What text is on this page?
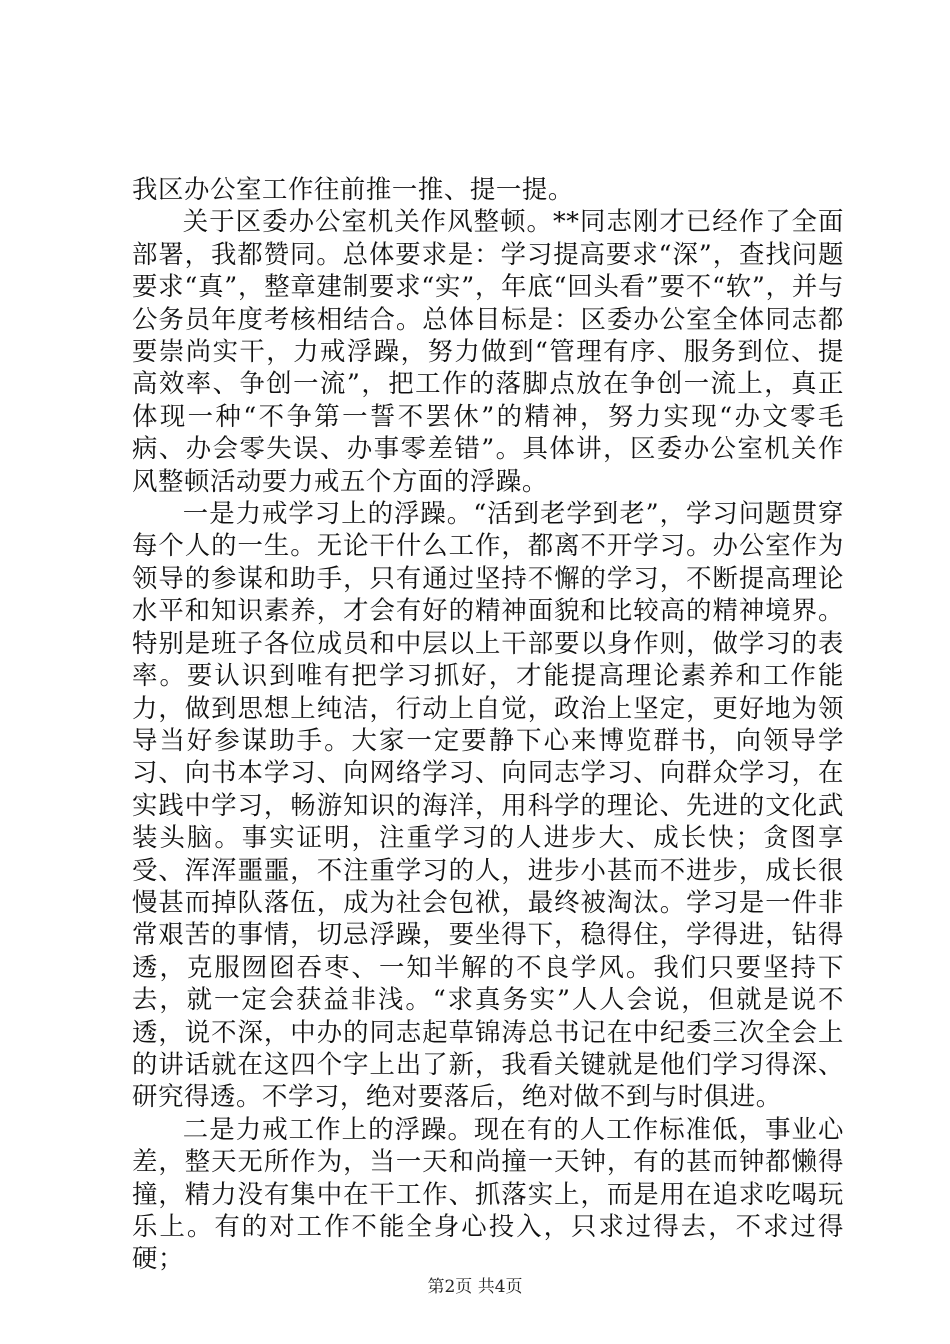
我区办公室工作往前推一推、提一提。

关于区委办公室机关作风整顿。**同志刚才已经作了全面部署，我都赞同。总体要求是：学习提高要求“深”，查找问题要求“真”，整章建制要求“实”，年底“回头看”要不“软”，并与公务员年度考核相结合。总体目标是：区委办公室全体同志都要崇尚实干，力戒浮躁，努力做到“管理有序、服务到位、提高效率、争创一流”，把工作的落脚点放在争创一流上，真正体现一种“不争第一誓不罢休”的精神，努力实现“办文零毛病、办会零失误、办事零差错”。具体讲，区委办公室机关作风整顿活动要力戒五个方面的浮躁。

一是力戒学习上的浮躁。“活到老学到老”，学习问题贯穿每个人的一生。无论干什么工作，都离不开学习。办公室作为领导的参谋和助手，只有通过坚持不懈的学习，不断提高理论水平和知识素养，才会有好的精神面貌和比较高的精神境界。特别是班子各位成员和中层以上干部要以身作则，做学习的表率。要认识到唯有把学习抓好，才能提高理论素养和工作能力，做到思想上纯洁，行动上自觉，政治上坚定，更好地为领导当好参谋助手。大家一定要静下心来博览群书，向领导学习、向书本学习、向网络学习、向同志学习、向群众学习，在实践中学习，畅游知识的海洋，用科学的理论、先进的文化武装头脑。事实证明，注重学习的人进步大、成长快；贪图享受、浑浑噩噩，不注重学习的人，进步小甚而不进步，成长很慢甚而掉队落伍，成为社会包袱，最终被淘汰。学习是一件非常艰苦的事情，切忌浮躁，要坐得下，稳得住，学得进，钻得透，克服囫囵吞枣、一知半解的不良学风。我们只要坚持下去，就一定会获益非浅。“求真务实”人人会说，但就是说不透，说不深，中办的同志起草锦涛总书记在中纪委三次全会上的讲话就在这四个字上出了新，我看关键就是他们学习得深、研究得透。不学习，绝对要落后，绝对做不到与时俱进。

二是力戒工作上的浮躁。现在有的人工作标准低，事业心差，整天无所作为，当一天和尚撞一天钟，有的甚而钟都懒得撞，精力没有集中在干工作、抓落实上，而是用在追求吃喝玩乐上。有的对工作不能全身心投入，只求过得去，不求过得硬；

第2页 共4页
